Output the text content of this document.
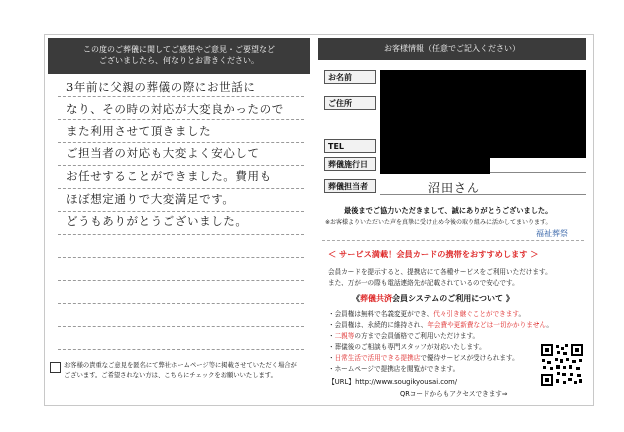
この度のご葬儀に関してご感想やご意見・ご要望など
ございましたら、何なりとお書きください。
3年前に父親の葬儀の際にお世話に
なり、その時の対応が大変良かったので
また利用させて頂きました
ご担当者の対応も大変よく安心して
お任せすることができました。費用も
ほぼ想定通りで大変満足です。
どうもありがとうございました。
お客様の貴重なご意見を匿名にて弊社ホームページ等に掲載させていただく場合が
ございます。ご希望されない方は、こちらにチェックをお願いいたします。
お客様情報（任意でご記入ください）
お名前
ご住所
TEL
葬儀施行日
葬儀担当者	沼田さん
最後までご協力いただきまして、誠にありがとうございました。
※お客様よりいただいた声を真摯に受け止め今後の取り組みに活かしてまいります。
福祉葬祭
＜ サービス満載！会員カードの携帯をおすすめします ＞
会員カードを提示すると、提携店にて各種サービスをご利用いただけます。
また、万が一の際も電話連絡先が記載されているので安心です。
《葬儀共済会員システムのご利用について 》
・会員権は無料で名義変更ができ、代々引き継ぐことができます。
・会員権は、永続的に維持され、年会費や更新費などは一切かかりません。
・二親等の方まで会員価格でご利用いただけます。
・葬儀後のご相談も専門スタッフが対応いたします。
・日常生活で活用できる提携店で優待サービスが受けられます。
・ホームページで提携店を閲覧ができます。
【URL】http://www.sougikyousai.com/
QRコードからもアクセスできます⇒
